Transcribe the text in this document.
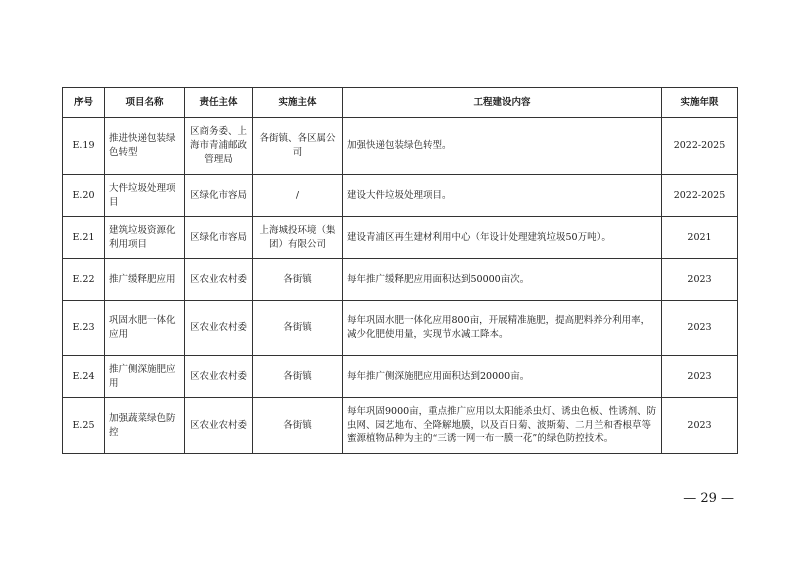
序号	项目名称	责任主体	实施主体	工程建设内容	实施年限
E.19	推进快递包装绿色转型	区商务委、上海市青浦邮政管理局	各街镇、各区属公司	加强快递包装绿色转型。	2022-2025
E.20	大件垃圾处理项目	区绿化市容局	/	建设大件垃圾处理项目。	2022-2025
E.21	建筑垃圾资源化利用项目	区绿化市容局	上海城投环境（集团）有限公司	建设青浦区再生建材利用中心（年设计处理建筑垃圾50万吨）。	2021
E.22	推广缓释肥应用	区农业农村委	各街镇	每年推广缓释肥应用面积达到50000亩次。	2023
E.23	巩固水肥一体化应用	区农业农村委	各街镇	每年巩固水肥一体化应用800亩，开展精准施肥，提高肥料养分利用率，减少化肥使用量，实现节水减工降本。	2023
E.24	推广侧深施肥应用	区农业农村委	各街镇	每年推广侧深施肥应用面积达到20000亩。	2023
E.25	加强蔬菜绿色防控	区农业农村委	各街镇	每年巩固9000亩，重点推广应用以太阳能杀虫灯、诱虫色板、性诱剂、防虫网、园艺地布、全降解地膜，以及百日菊、波斯菊、二月兰和香根草等蜜源植物品种为主的“三诱一网一布一膜一花”的绿色防控技术。	2023
— 29 —
